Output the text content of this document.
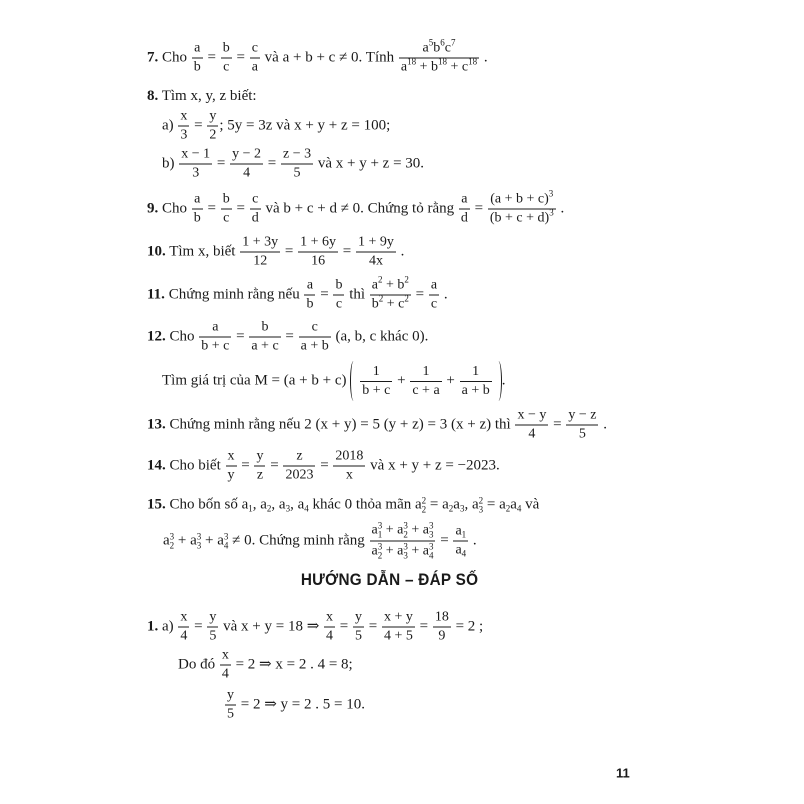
7. Cho $\frac{a}{b} = \frac{b}{c} = \frac{c}{a}$ và a + b + c ≠ 0. Tính $\frac{a^5b^6c^7}{a^{18} + b^{18} + c^{18}}$ .
8. Tìm x, y, z biết:
$a) \frac{x}{3} = \frac{y}{2}$ ; 5y = 3z và x + y + z = 100;
$b) \frac{x - 1}{3} = \frac{y - 2}{4} = \frac{z - 3}{5}$ và x + y + z = 30.
9. Cho $\frac{a}{b} = \frac{b}{c} = \frac{c}{d}$ và b + c + d ≠ 0. Chứng tỏ rằng $\frac{a}{d} = \frac{(a + b + c)^3}{(b + c + d)^3}$ .
10. Tìm x, biết $\frac{1 + 3y}{12} = \frac{1 + 6y}{16} = \frac{1 + 9y}{4x}$ .
11. Chứng minh rằng nếu $\frac{a}{b} = \frac{b}{c}$ thì $\frac{a^2 + b^2}{b^2 + c^2} = \frac{a}{c}$ .
12. Cho $\frac{a}{b + c} = \frac{b}{a + c} = \frac{c}{a + b} (a$, b, c khác 0).
Tìm giá trị của $M = (a + b + c) \frac{1}{b + c} + \frac{1}{c + a} + \frac{1}{a + b}$ .
13. Chứng minh rằng nếu 2 (x + y) = 5 (y + z) = 3 (x + z) thì $\frac{x - y}{4} = \frac{y - z}{5}$ .
14. Cho biết $\frac{x}{y} = \frac{y}{z} = \frac{z}{2023} = \frac{2018}{x}$ và x + y + z = −2023.
15. Cho bốn số $a_1$, $a_2$, $a_3$, $a_4$ khác 0 thỏa mãn a 2
$2 = a_2a_3$, a 2
$3 = a_2a_4$ và
a 3
2 + a 3
3 + a 3
4 ≠ 0. Chứng minh rằng a 3
1 + a 3
2 + a 3
3
a 3
2 + a 3
3 + a 3
$4 = \frac{a_1}{a_4}$ .
HƯỚNG DẪN – ĐÁP SỐ
1. $a) \frac{x}{4} = \frac{y}{5}$ và x + y = 18 ⇒ $\frac{x}{4} = \frac{y}{5} = \frac{x + y}{4 + 5} = \frac{18}{9} = 2$ ;
Do đó $\frac{x}{4} = 2$ ⇒ x = 2 . 4 = 8;
$\frac{y}{5} = 2$ ⇒ y = 2 . 5 = 10.
11
